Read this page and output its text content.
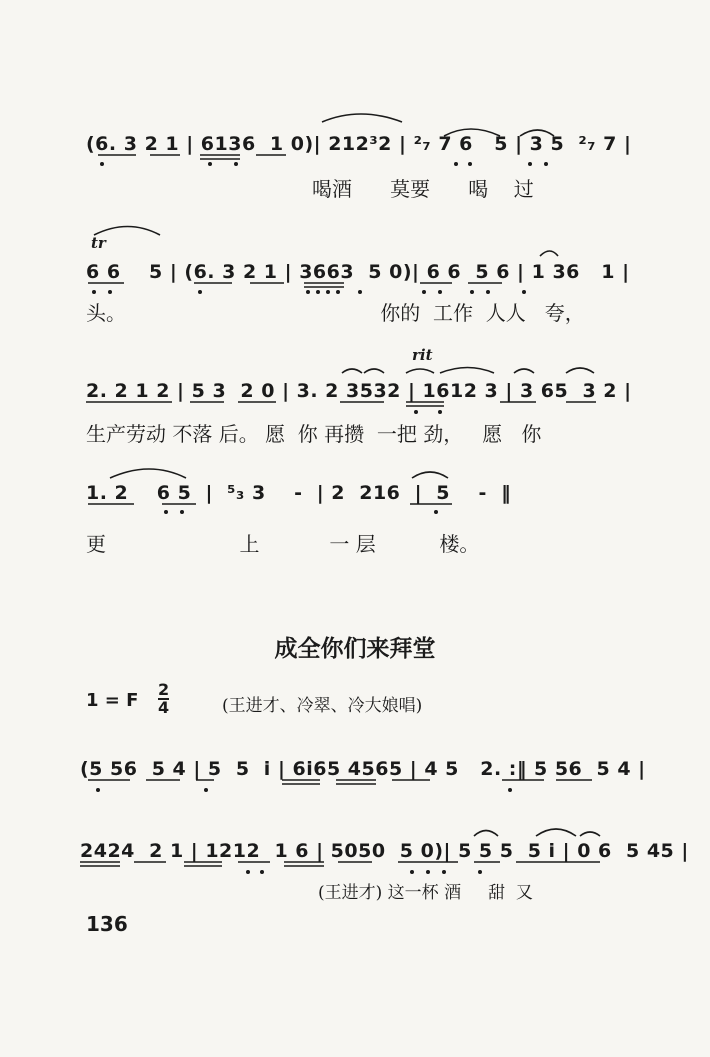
(6. 3 2 1 | 6136  1 0)| 212³2 | ²₇ 7 6   5 | 3 5  ²₇ 7 |
喝酒      莫要      喝    过
tr
6 6    5 | (6. 3 2 1 | 3663  5 0)| 6 6  5 6 | 1 36   1 |
头。                                        你的  工作  人人   夸，
rit
2. 2 1 2 | 5 3  2 0 | 3. 2 3532 | 1612 3 | 3 65  3 2 |
生产劳动 不落 后。 愿  你 再攒  一把 劲，   愿   你
1. 2    6 5  |  ⁵₃ 3    -  | 2  216  |  5    -  ‖
更                     上           一 层          楼。
成全你们来拜堂
1 = F $\frac{2}{4}$	(王进才、冷翠、冷大娘唱)
(5 56  5 4 | 5  5  i | 6i65 4565 | 4 5   2. :‖ 5 56  5 4 |
2424  2 1 | 1212  1 6 | 5050  5 0)| 5 5 5  5 i | 0 6  5 45 |
(王进才) 这一杯 酒     甜  又
136
